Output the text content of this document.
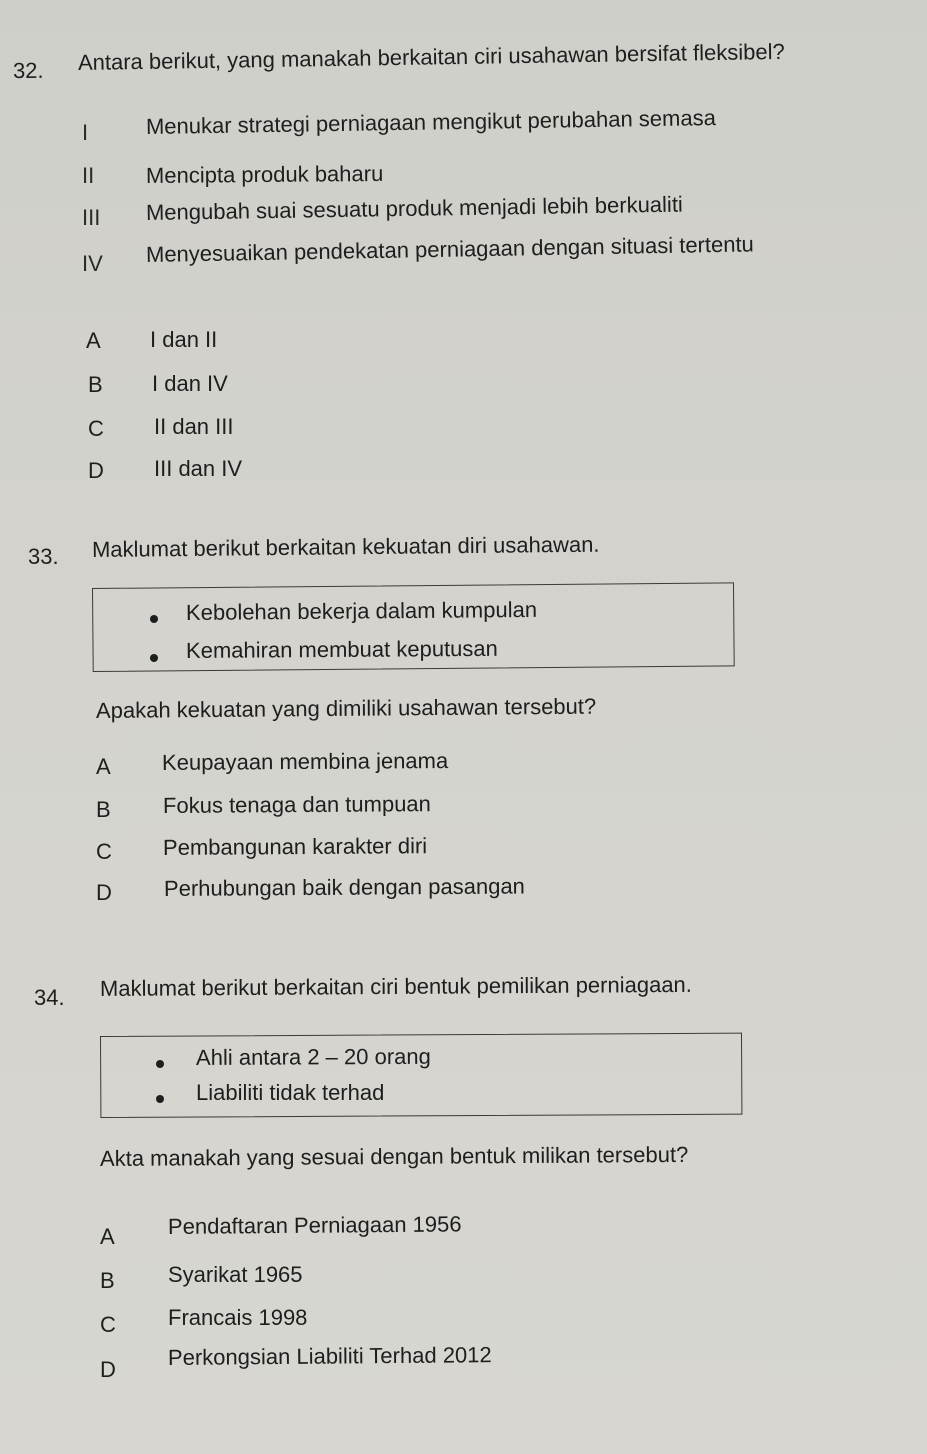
32. Antara berikut, yang manakah berkaitan ciri usahawan bersifat fleksibel?
I	Menukar strategi perniagaan mengikut perubahan semasa
II Mencipta produk baharu
III Mengubah suai sesuatu produk menjadi lebih berkualiti
IV Menyesuaikan pendekatan perniagaan dengan situasi tertentu
A I dan II
B I dan IV
C II dan III
D III dan IV
33. Maklumat berikut berkaitan kekuatan diri usahawan.
Kebolehan bekerja dalam kumpulan
Kemahiran membuat keputusan
Apakah kekuatan yang dimiliki usahawan tersebut?
A Keupayaan membina jenama
B Fokus tenaga dan tumpuan
C Pembangunan karakter diri
D Perhubungan baik dengan pasangan
34. Maklumat berikut berkaitan ciri bentuk pemilikan perniagaan.
Ahli antara 2 – 20 orang
Liabiliti tidak terhad
Akta manakah yang sesuai dengan bentuk milikan tersebut?
A Pendaftaran Perniagaan 1956
B Syarikat 1965
C Francais 1998
D Perkongsian Liabiliti Terhad 2012
